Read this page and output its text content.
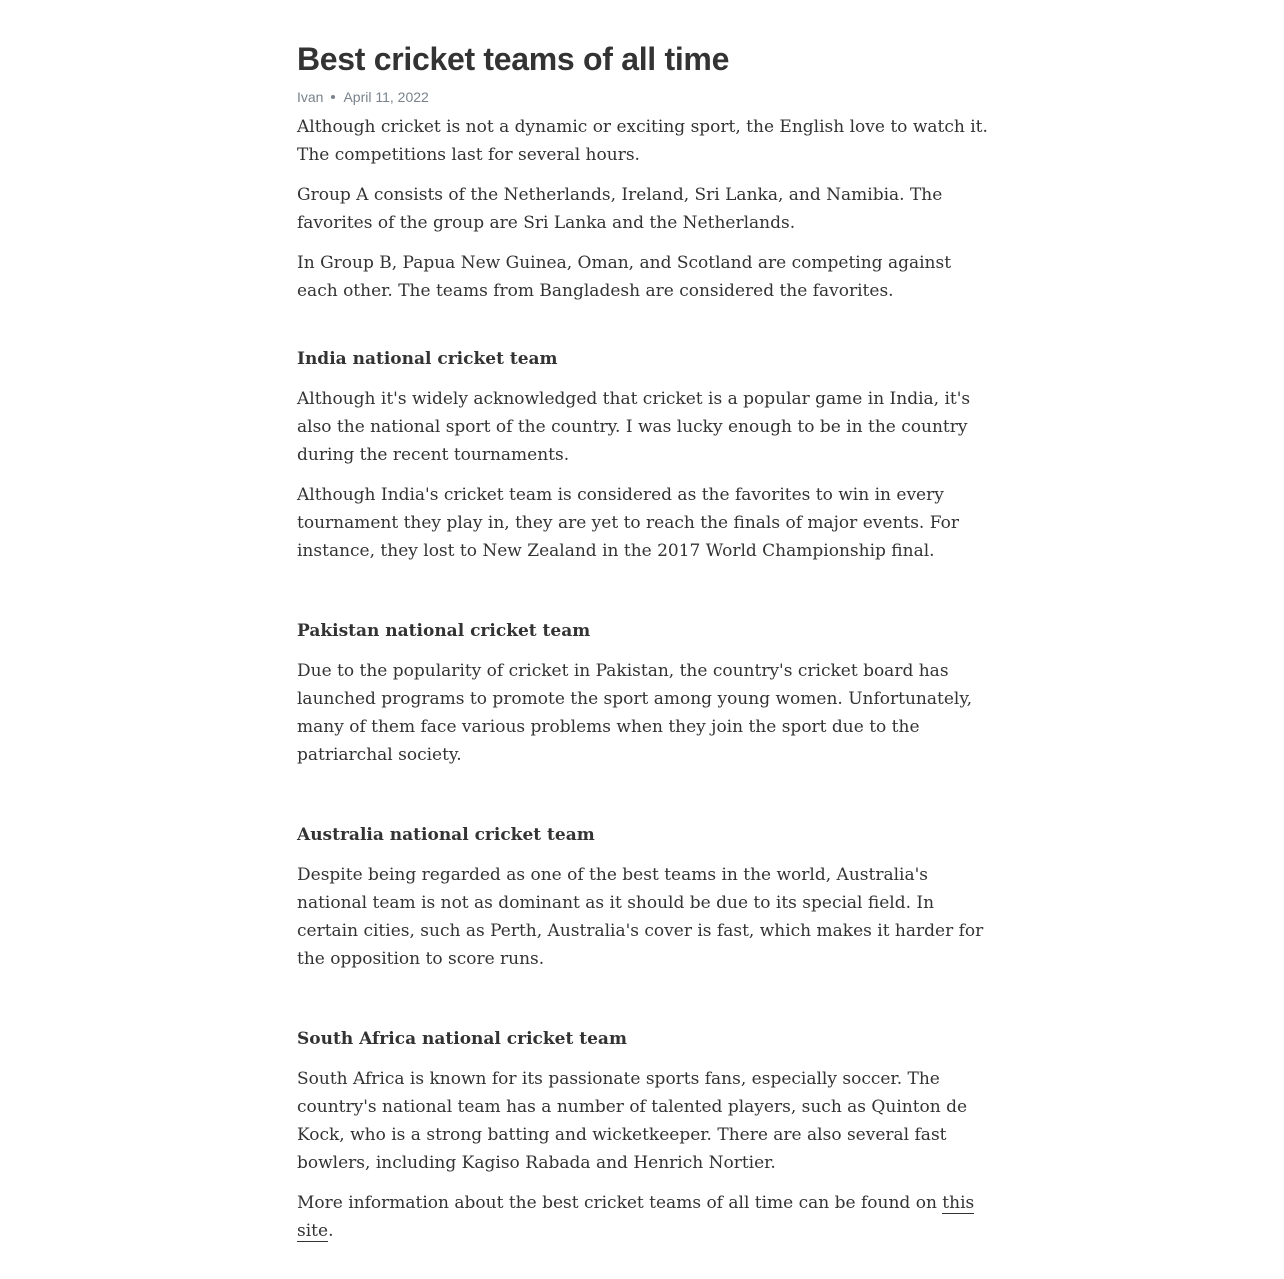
Best cricket teams of all time
Ivan April 11, 2022

Although cricket is not a dynamic or exciting sport, the English love to watch it. The competitions last for several hours.

Group A consists of the Netherlands, Ireland, Sri Lanka, and Namibia. The favorites of the group are Sri Lanka and the Netherlands.

In Group B, Papua New Guinea, Oman, and Scotland are competing against each other. The teams from Bangladesh are considered the favorites.

India national cricket team

Although it's widely acknowledged that cricket is a popular game in India, it's also the national sport of the country. I was lucky enough to be in the country during the recent tournaments.

Although India's cricket team is considered as the favorites to win in every tournament they play in, they are yet to reach the finals of major events. For instance, they lost to New Zealand in the 2017 World Championship final.

Pakistan national cricket team

Due to the popularity of cricket in Pakistan, the country's cricket board has launched programs to promote the sport among young women. Unfortunately, many of them face various problems when they join the sport due to the patriarchal society.

Australia national cricket team

Despite being regarded as one of the best teams in the world, Australia's national team is not as dominant as it should be due to its special field. In certain cities, such as Perth, Australia's cover is fast, which makes it harder for the opposition to score runs.

South Africa national cricket team

South Africa is known for its passionate sports fans, especially soccer. The country's national team has a number of talented players, such as Quinton de Kock, who is a strong batting and wicketkeeper. There are also several fast bowlers, including Kagiso Rabada and Henrich Nortier.

More information about the best cricket teams of all time can be found on this site.
